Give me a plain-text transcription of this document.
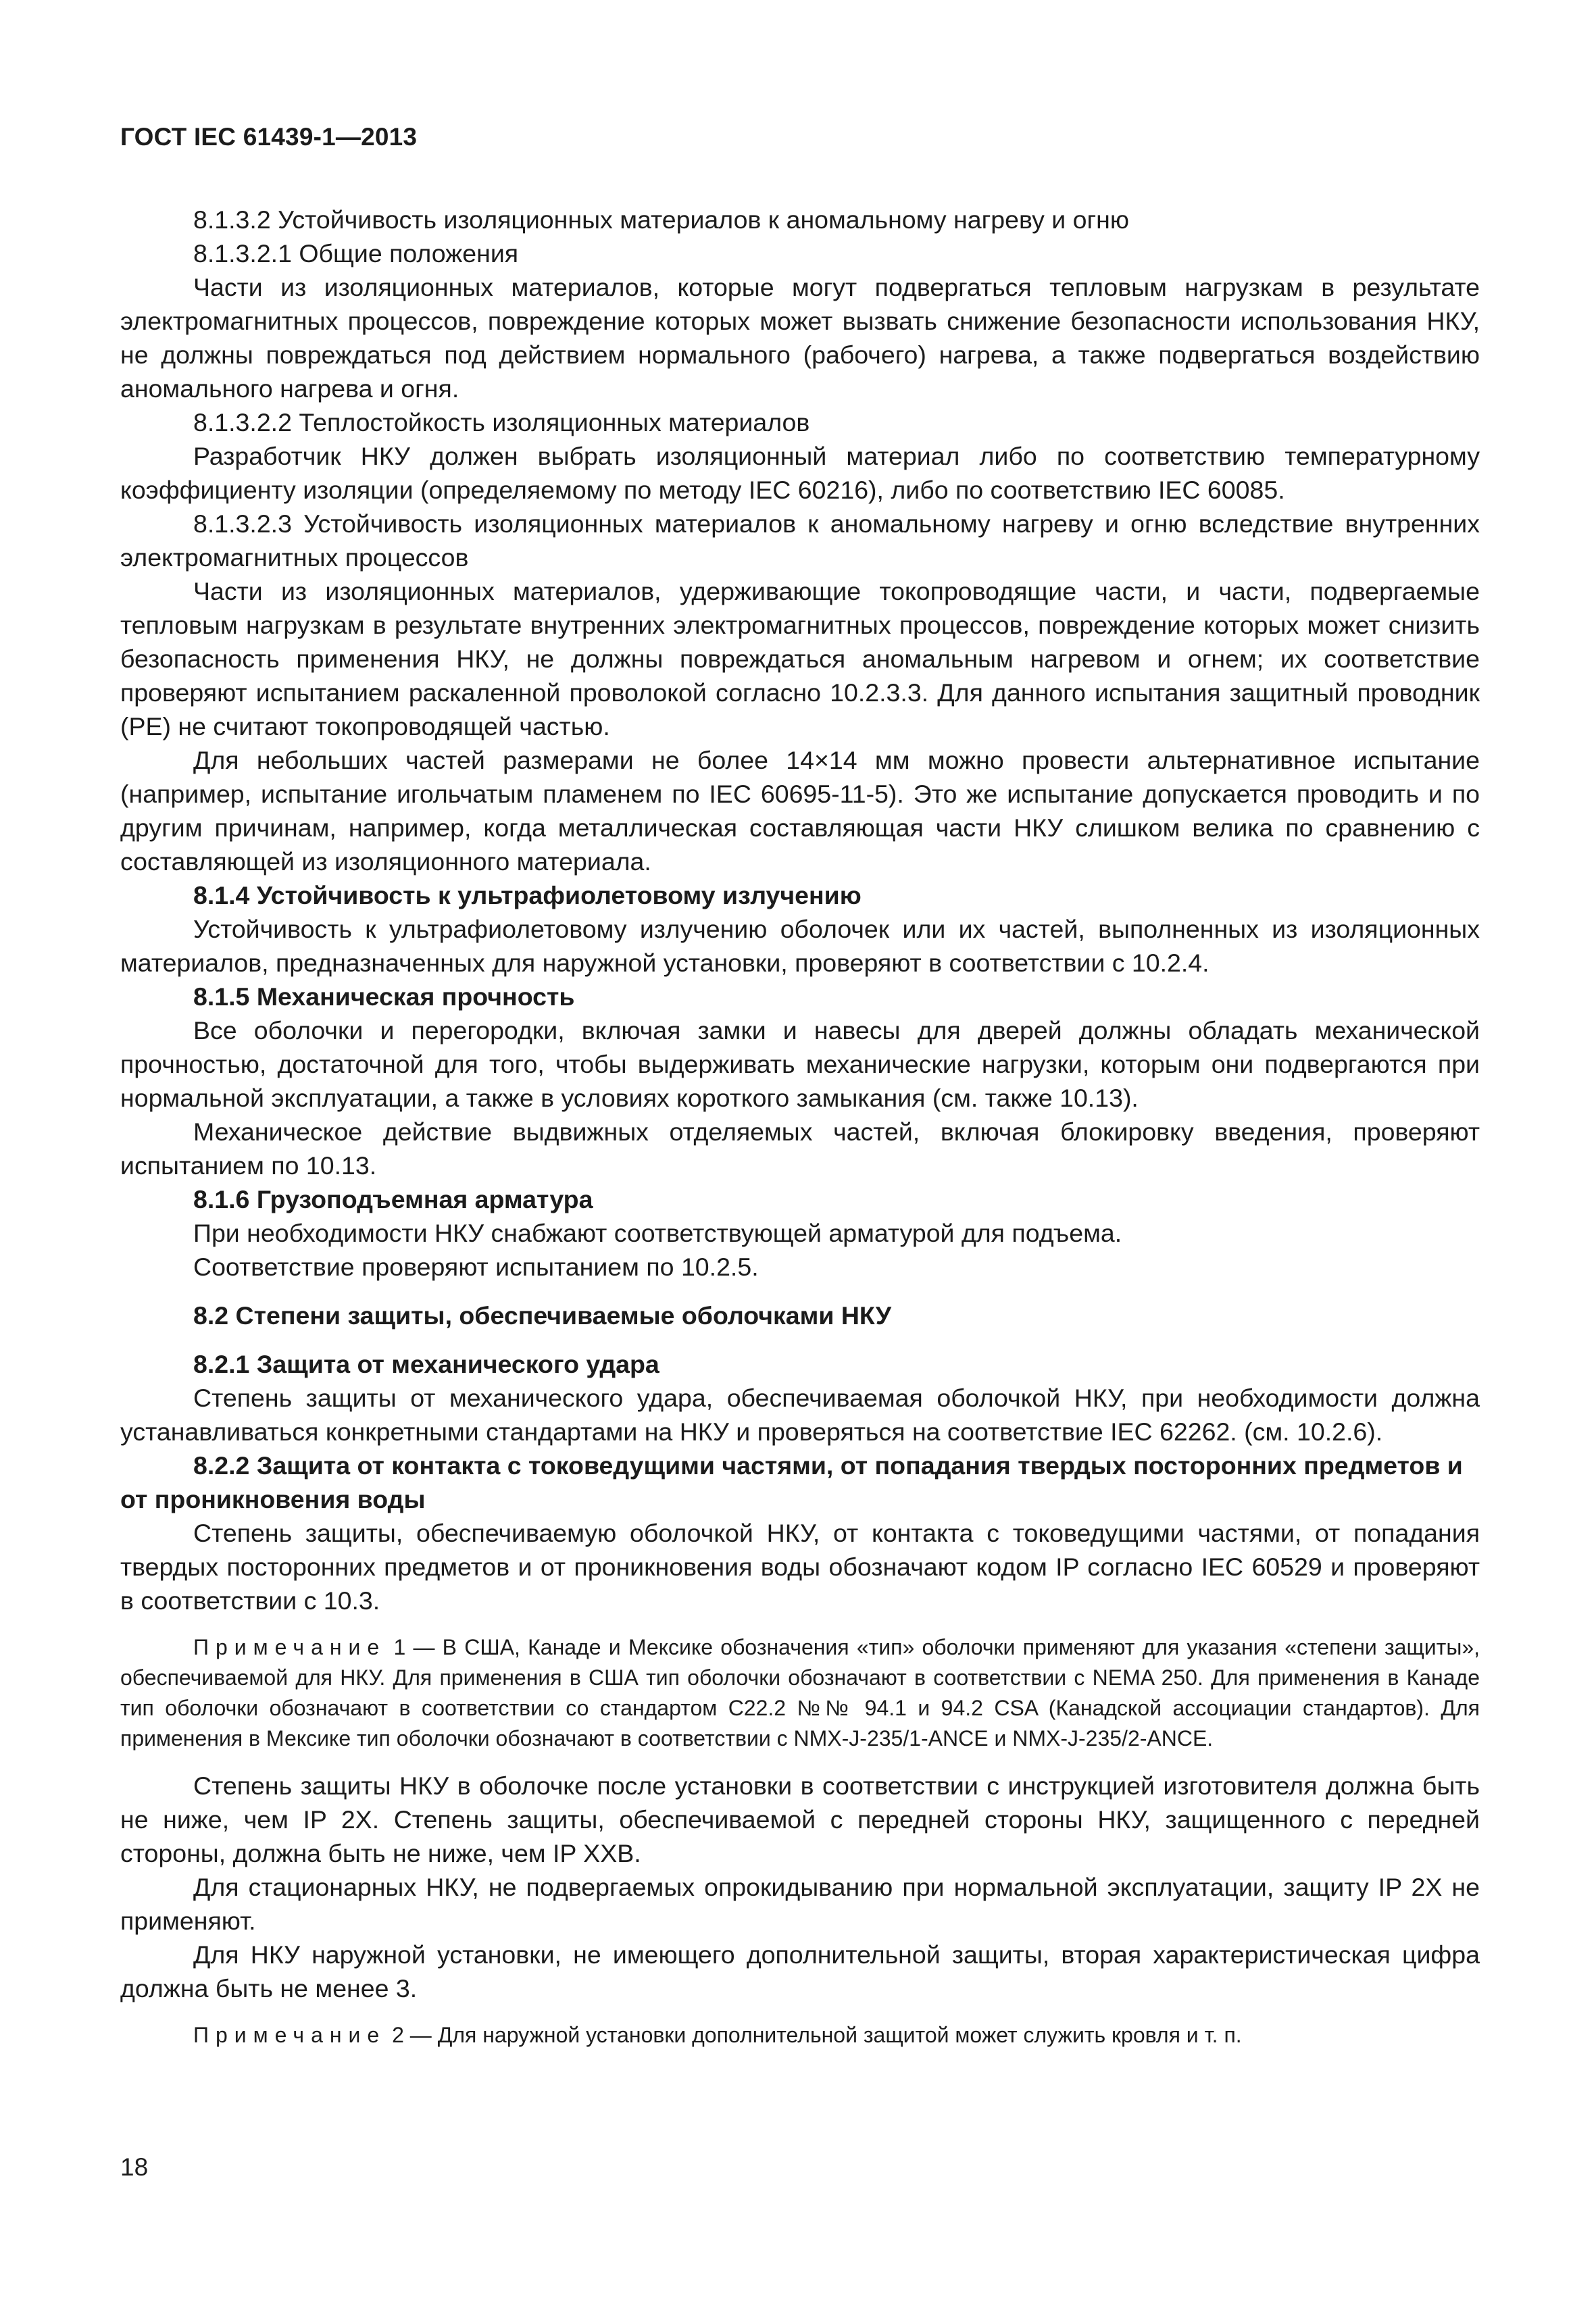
ГОСТ IEC 61439-1—2013

8.1.3.2 Устойчивость изоляционных материалов к аномальному нагреву и огню

8.1.3.2.1 Общие положения

Части из изоляционных материалов, которые могут подвергаться тепловым нагрузкам в результате электромагнитных процессов, повреждение которых может вызвать снижение безопасности использования НКУ, не должны повреждаться под действием нормального (рабочего) нагрева, а также подвергаться воздействию аномального нагрева и огня.

8.1.3.2.2 Теплостойкость изоляционных материалов

Разработчик НКУ должен выбрать изоляционный материал либо по соответствию температурному коэффициенту изоляции (определяемому по методу IEC 60216), либо по соответствию IEC 60085.

8.1.3.2.3 Устойчивость изоляционных материалов к аномальному нагреву и огню вследствие внутренних электромагнитных процессов

Части из изоляционных материалов, удерживающие токопроводящие части, и части, подвергаемые тепловым нагрузкам в результате внутренних электромагнитных процессов, повреждение которых может снизить безопасность применения НКУ, не должны повреждаться аномальным нагревом и огнем; их соответствие проверяют испытанием раскаленной проволокой согласно 10.2.3.3. Для данного испытания защитный проводник (PE) не считают токопроводящей частью.

Для небольших частей размерами не более 14×14 мм можно провести альтернативное испытание (например, испытание игольчатым пламенем по IEC 60695-11-5). Это же испытание допускается проводить и по другим причинам, например, когда металлическая составляющая части НКУ слишком велика по сравнению с составляющей из изоляционного материала.

8.1.4 Устойчивость к ультрафиолетовому излучению

Устойчивость к ультрафиолетовому излучению оболочек или их частей, выполненных из изоляционных материалов, предназначенных для наружной установки, проверяют в соответствии с 10.2.4.

8.1.5 Механическая прочность

Все оболочки и перегородки, включая замки и навесы для дверей должны обладать механической прочностью, достаточной для того, чтобы выдерживать механические нагрузки, которым они подвергаются при нормальной эксплуатации, а также в условиях короткого замыкания (см. также 10.13).

Механическое действие выдвижных отделяемых частей, включая блокировку введения, проверяют испытанием по 10.13.

8.1.6 Грузоподъемная арматура

При необходимости НКУ снабжают соответствующей арматурой для подъема.

Соответствие проверяют испытанием по 10.2.5.

8.2 Степени защиты, обеспечиваемые оболочками НКУ

8.2.1 Защита от механического удара

Степень защиты от механического удара, обеспечиваемая оболочкой НКУ, при необходимости должна устанавливаться конкретными стандартами на НКУ и проверяться на соответствие IEC 62262. (см. 10.2.6).

8.2.2 Защита от контакта с токоведущими частями, от попадания твердых посторонних предметов и от проникновения воды

Степень защиты, обеспечиваемую оболочкой НКУ, от контакта с токоведущими частями, от попадания твердых посторонних предметов и от проникновения воды обозначают кодом IP согласно IEC 60529 и проверяют в соответствии с 10.3.

Примечание 1 — В США, Канаде и Мексике обозначения «тип» оболочки применяют для указания «степени защиты», обеспечиваемой для НКУ. Для применения в США тип оболочки обозначают в соответствии с NEMA 250. Для применения в Канаде тип оболочки обозначают в соответствии со стандартом C22.2 №№ 94.1 и 94.2 CSA (Канадской ассоциации стандартов). Для применения в Мексике тип оболочки обозначают в соответствии с NMX-J-235/1-ANCE и NMX-J-235/2-ANCE.

Степень защиты НКУ в оболочке после установки в соответствии с инструкцией изготовителя должна быть не ниже, чем IP 2X. Степень защиты, обеспечиваемой с передней стороны НКУ, защищенного с передней стороны, должна быть не ниже, чем IP XXB.

Для стационарных НКУ, не подвергаемых опрокидыванию при нормальной эксплуатации, защиту IP 2X не применяют.

Для НКУ наружной установки, не имеющего дополнительной защиты, вторая характеристическая цифра должна быть не менее 3.

Примечание 2 — Для наружной установки дополнительной защитой может служить кровля и т. п.

18
